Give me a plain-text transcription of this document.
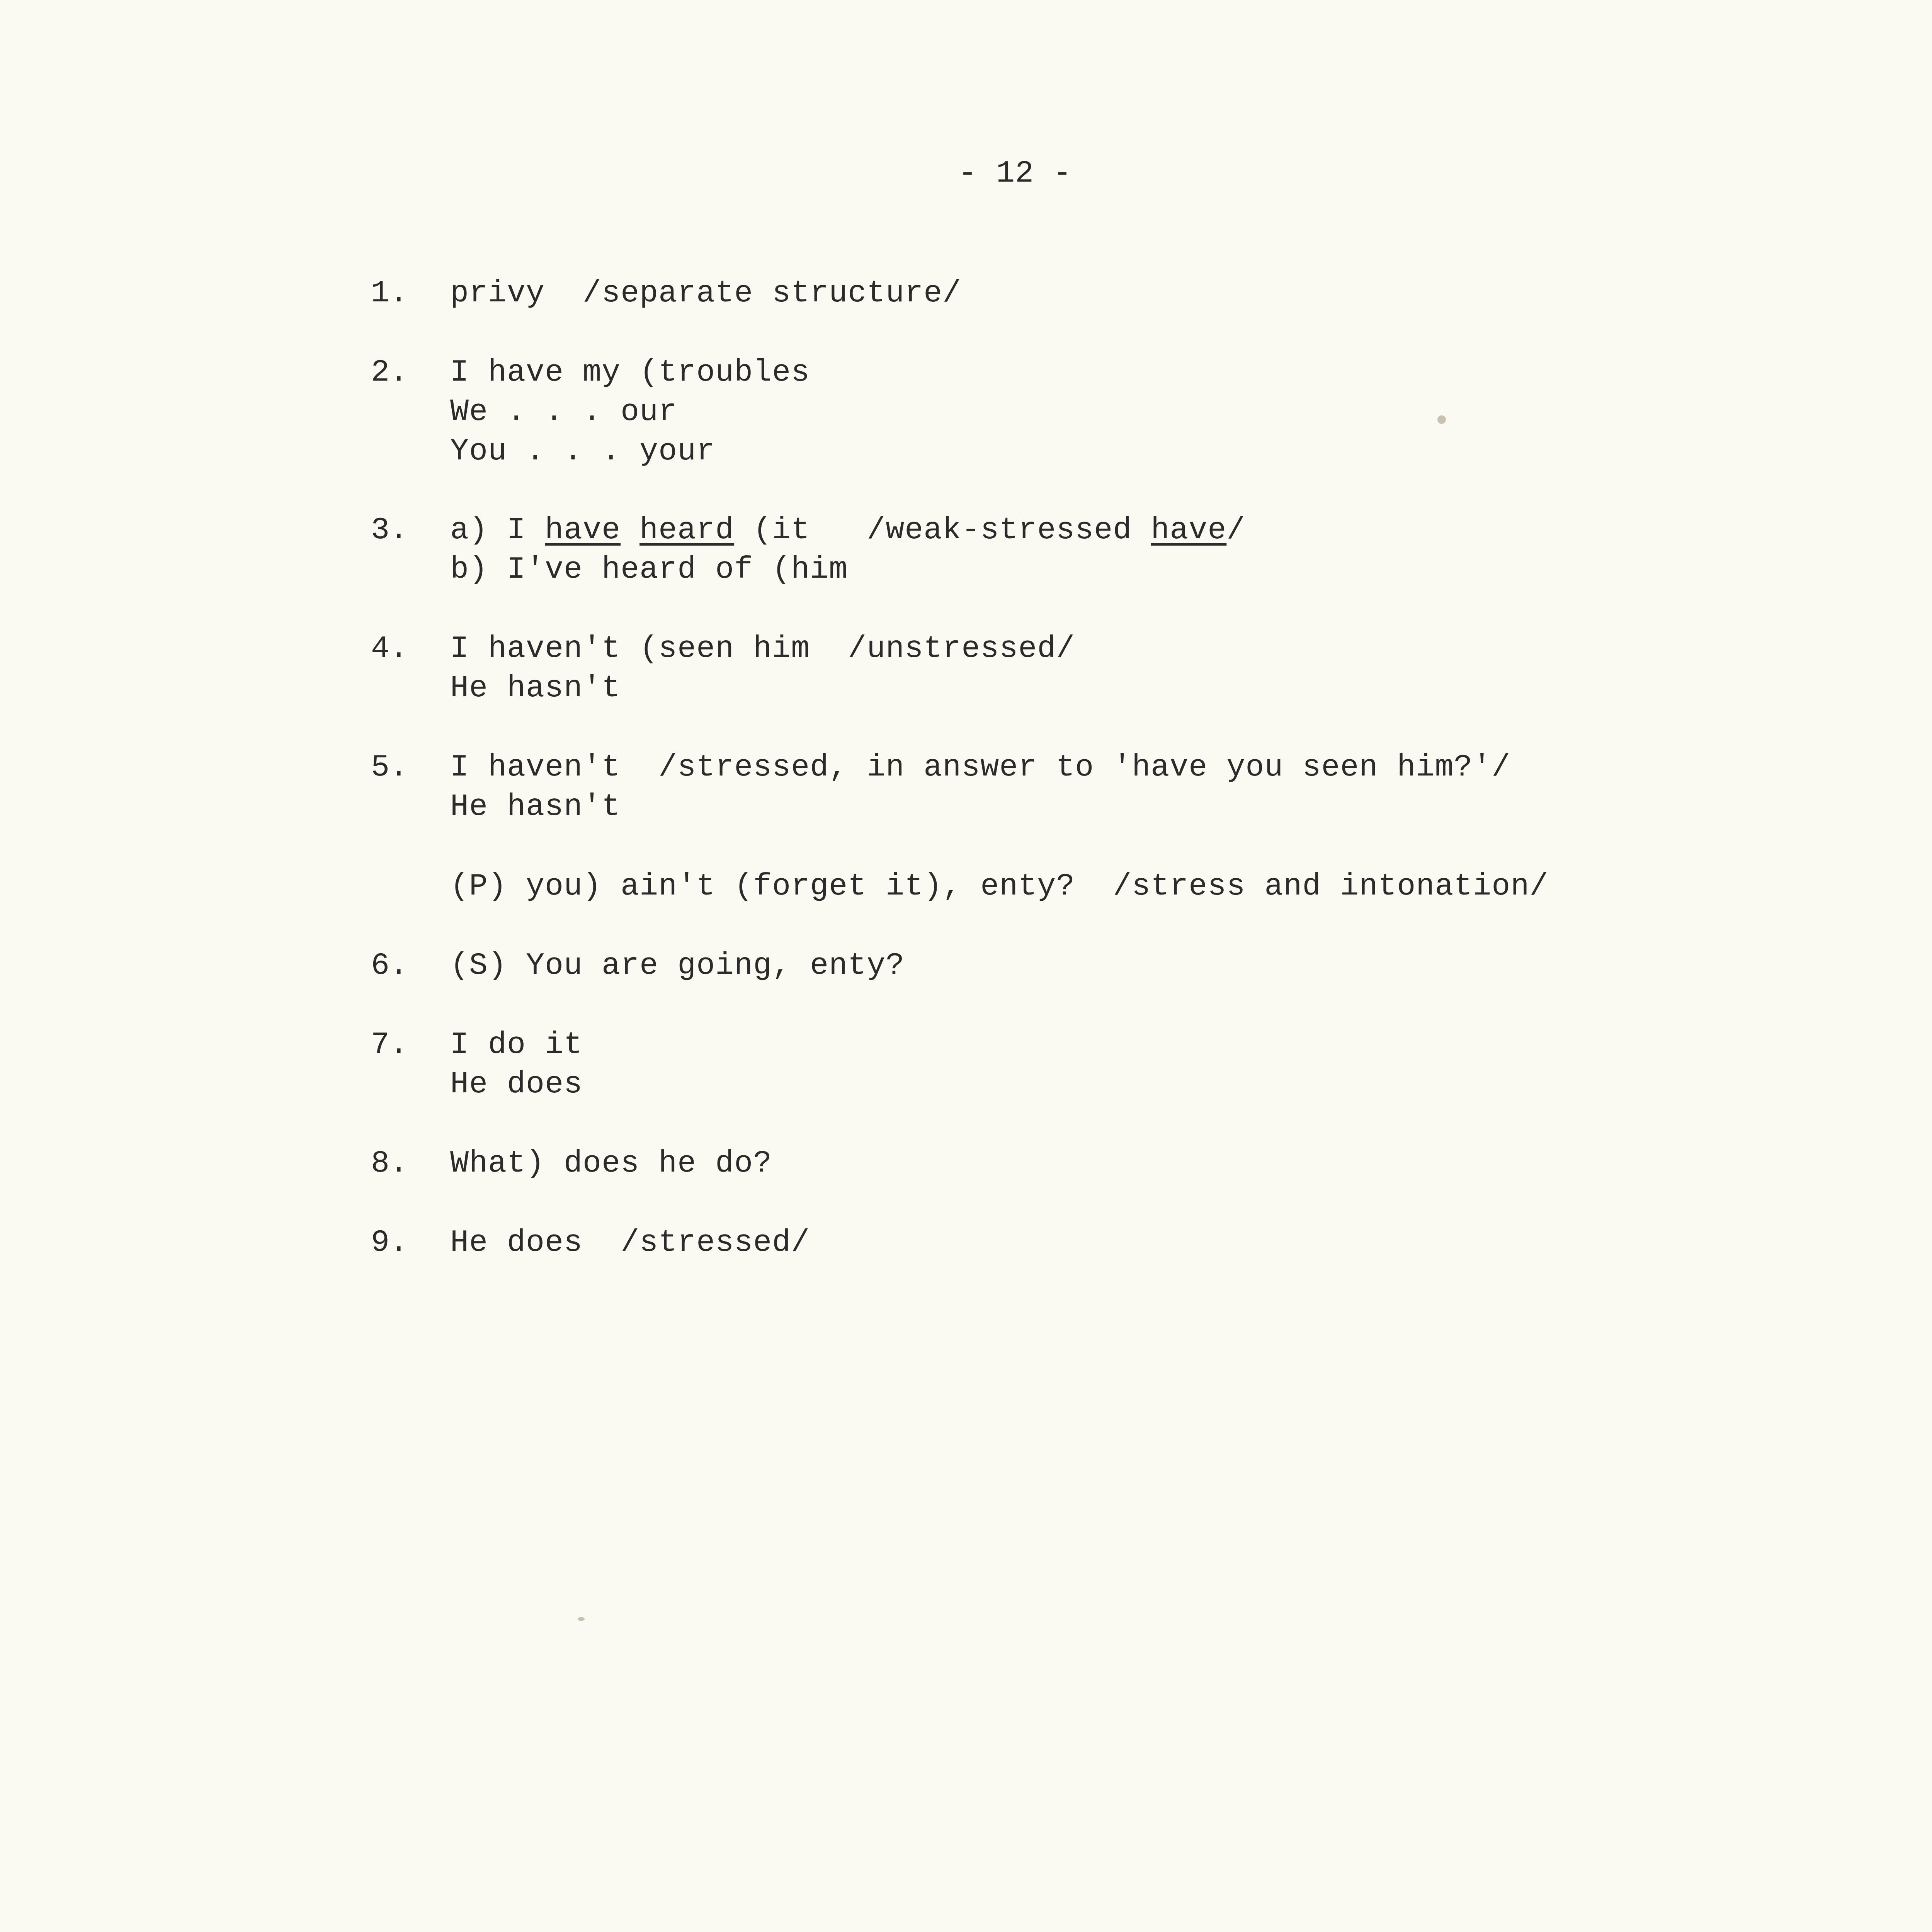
- 12 -
1. privy  /separate structure/
2. I have my (troubles
We . . . our
You . . . your
3. a) I have heard (it   /weak-stressed have/
b) I've heard of (him
4. I haven't (seen him  /unstressed/
He hasn't
5. I haven't  /stressed, in answer to 'have you seen him?'/
He hasn't
(P) you) ain't (forget it), enty?  /stress and intonation/
6. (S) You are going, enty?
7. I do it
He does
8. What) does he do?
9. He does  /stressed/
